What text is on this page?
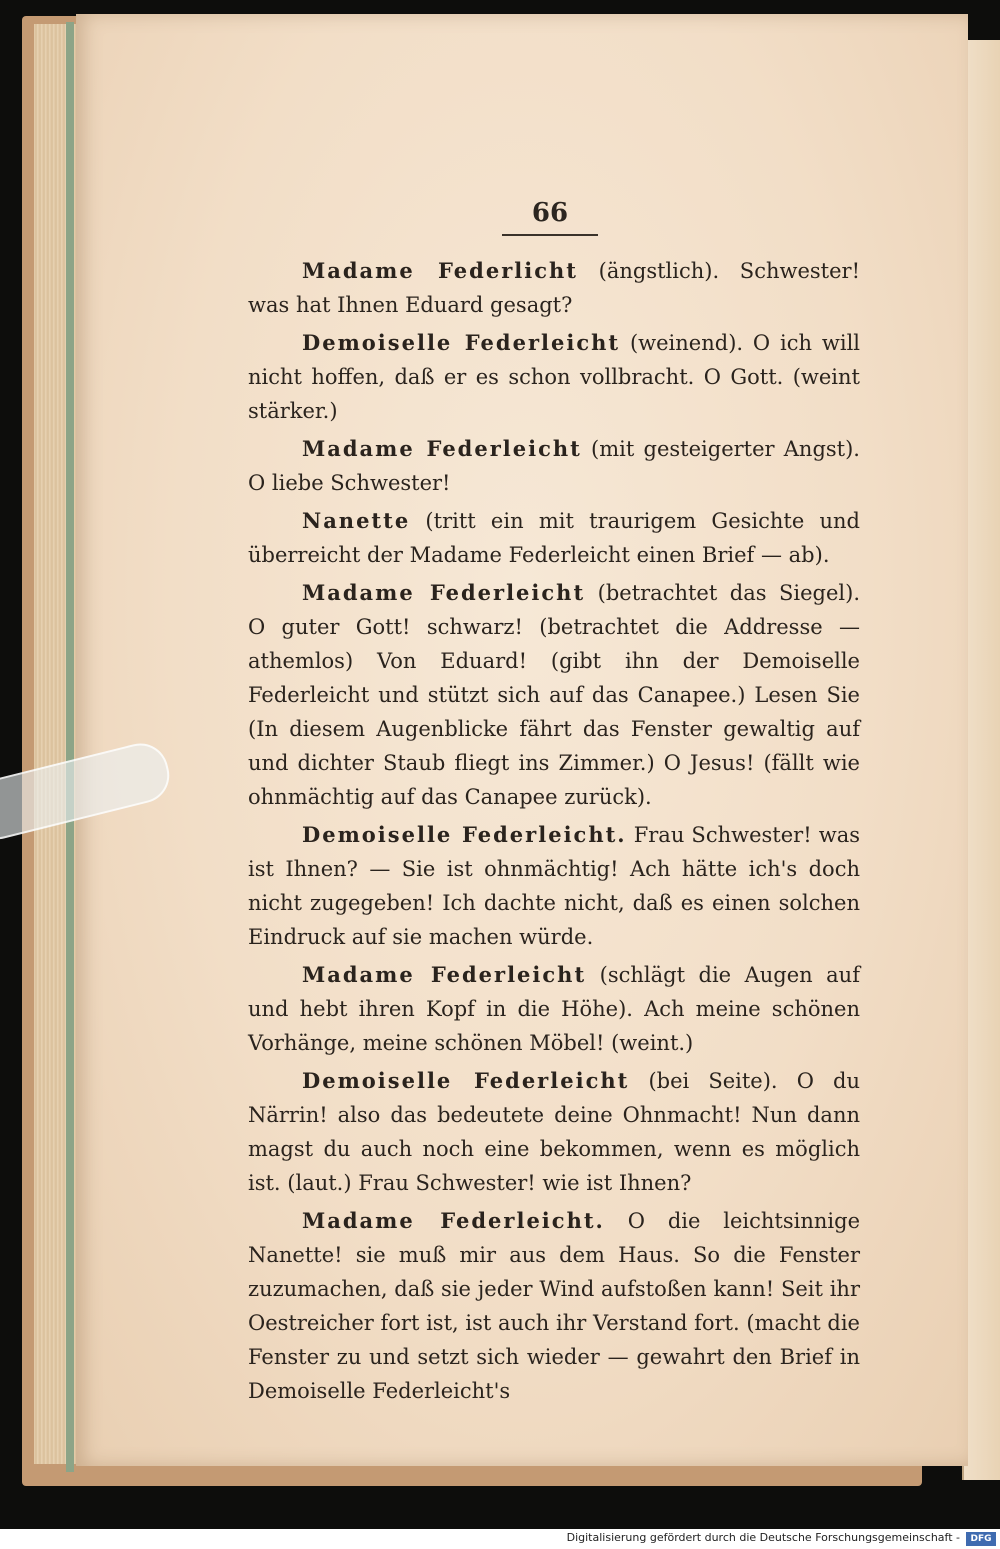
66

Madame Federlicht (ängstlich). Schwester! was hat Ihnen Eduard gesagt?

Demoiselle Federleicht (weinend). O ich will nicht hoffen, daß er es schon vollbracht. O Gott. (weint stärker.)

Madame Federleicht (mit gesteigerter Angst). O liebe Schwester!

Nanette (tritt ein mit traurigem Gesichte und überreicht der Madame Federleicht einen Brief — ab).

Madame Federleicht (betrachtet das Siegel). O guter Gott! schwarz! (betrachtet die Addresse — athemlos) Von Eduard! (gibt ihn der Demoiselle Federleicht und stützt sich auf das Canapee.) Lesen Sie (In diesem Augenblicke fährt das Fenster gewaltig auf und dichter Staub fliegt ins Zimmer.) O Jesus! (fällt wie ohnmächtig auf das Canapee zurück).

Demoiselle Federleicht. Frau Schwester! was ist Ihnen? — Sie ist ohnmächtig! Ach hätte ich's doch nicht zugegeben! Ich dachte nicht, daß es einen solchen Eindruck auf sie machen würde.

Madame Federleicht (schlägt die Augen auf und hebt ihren Kopf in die Höhe). Ach meine schönen Vorhänge, meine schönen Möbel! (weint.)

Demoiselle Federleicht (bei Seite). O du Närrin! also das bedeutete deine Ohnmacht! Nun dann magst du auch noch eine bekommen, wenn es möglich ist. (laut.) Frau Schwester! wie ist Ihnen?

Madame Federleicht. O die leichtsinnige Nanette! sie muß mir aus dem Haus. So die Fenster zuzumachen, daß sie jeder Wind aufstoßen kann! Seit ihr Oestreicher fort ist, ist auch ihr Verstand fort. (macht die Fenster zu und setzt sich wieder — gewahrt den Brief in Demoiselle Federleicht's

Digitalisierung gefördert durch die Deutsche Forschungsgemeinschaft -	DFG
